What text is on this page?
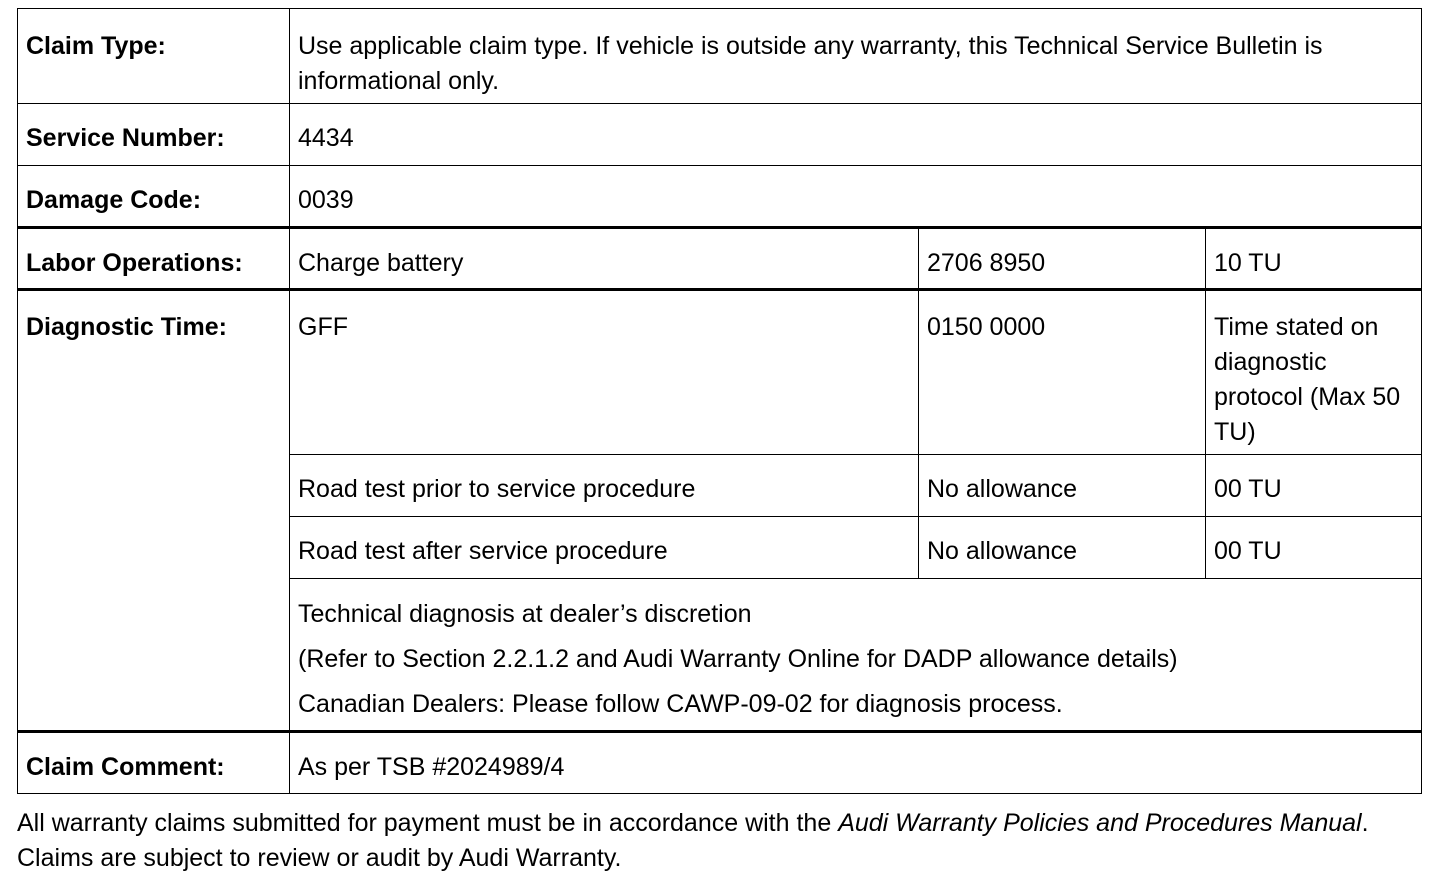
Claim Type:	Use applicable claim type. If vehicle is outside any warranty, this Technical Service Bulletin is informational only.		
Service Number:	4434		
Damage Code:	0039		
Labor Operations:	Charge battery	2706 8950	10 TU
Diagnostic Time:	GFF	0150 0000	Time stated on diagnostic protocol (Max 50 TU)
	Road test prior to service procedure	No allowance	00 TU
	Road test after service procedure	No allowance	00 TU

	Technical diagnosis at dealer’s discretion
(Refer to Section 2.2.1.2 and Audi Warranty Online for DADP allowance details)
Canadian Dealers: Please follow CAWP-09-02 for diagnosis process.		

Claim Comment:	As per TSB #2024989/4		

All warranty claims submitted for payment must be in accordance with the Audi Warranty Policies and Procedures Manual. Claims are subject to review or audit by Audi Warranty.
